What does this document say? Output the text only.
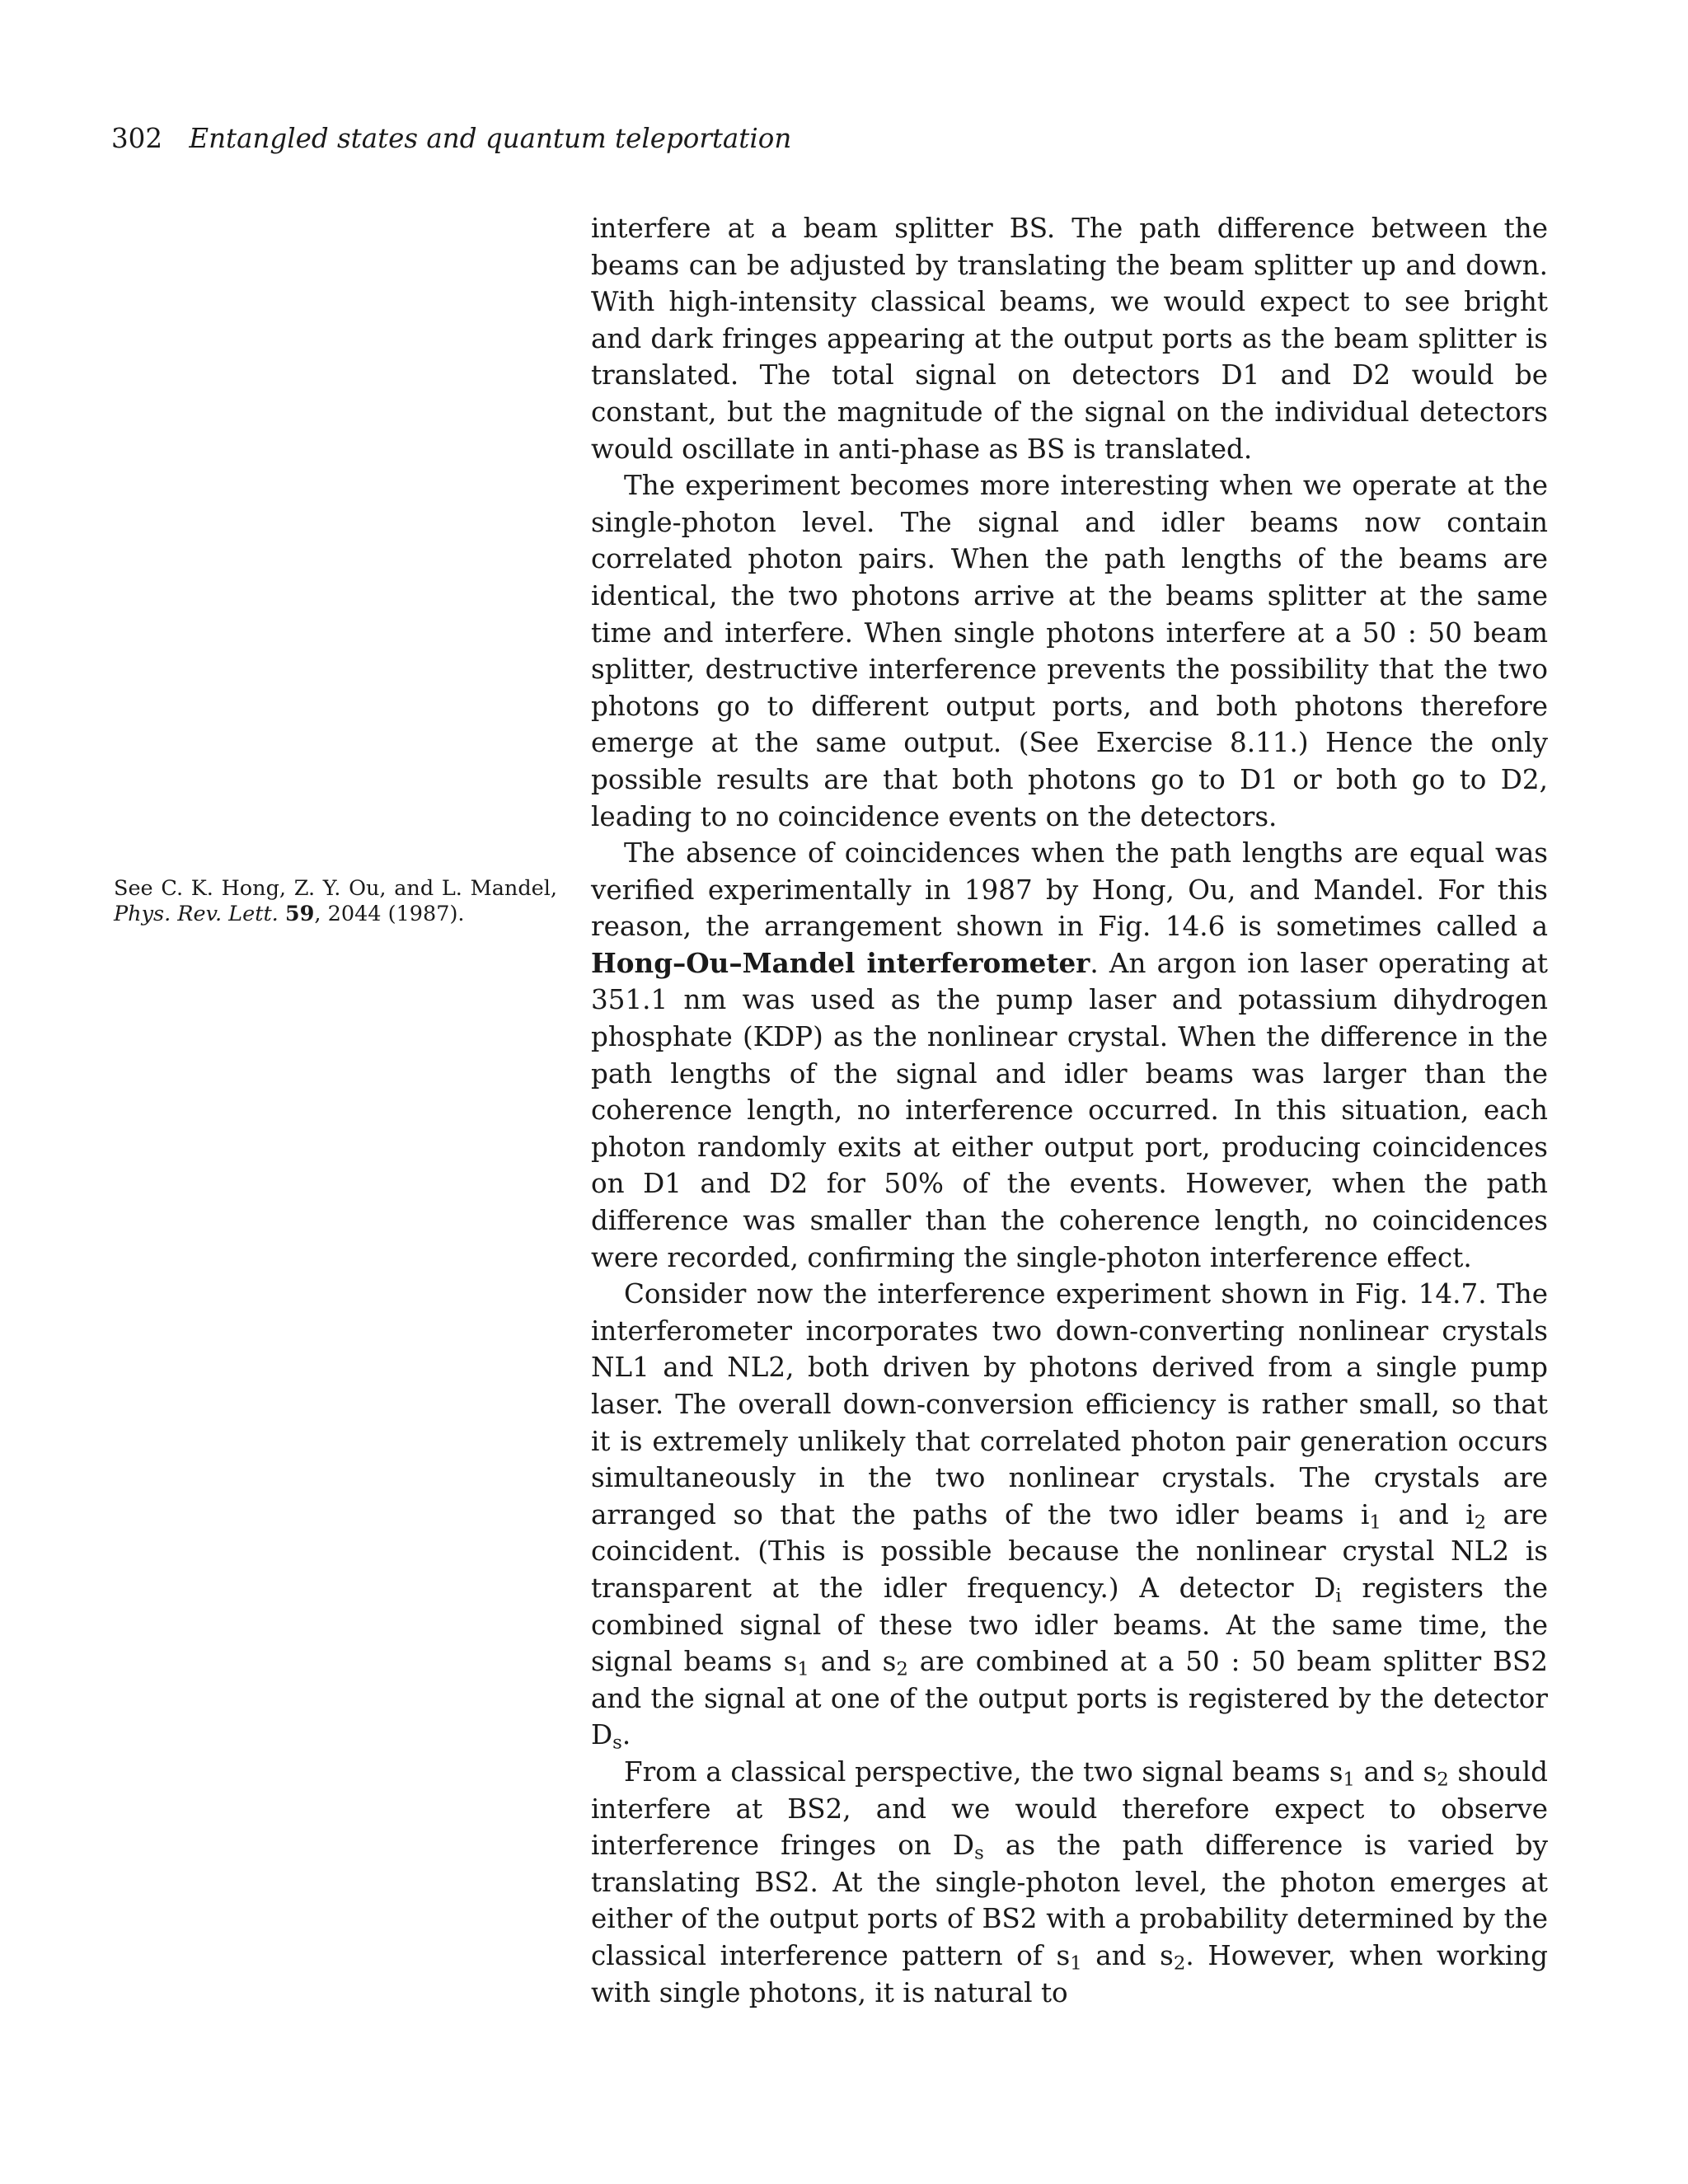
302 Entangled states and quantum teleportation
See C. K. Hong, Z. Y. Ou, and L. Mandel, Phys. Rev. Lett. 59, 2044 (1987).

interfere at a beam splitter BS. The path difference between the beams can be adjusted by translating the beam splitter up and down. With high-intensity classical beams, we would expect to see bright and dark fringes appearing at the output ports as the beam splitter is translated. The total signal on detectors D1 and D2 would be constant, but the magnitude of the signal on the individual detectors would oscillate in anti-phase as BS is translated.

The experiment becomes more interesting when we operate at the single-photon level. The signal and idler beams now contain correlated photon pairs. When the path lengths of the beams are identical, the two photons arrive at the beams splitter at the same time and interfere. When single photons interfere at a 50 : 50 beam splitter, destructive interference prevents the possibility that the two photons go to different output ports, and both photons therefore emerge at the same output. (See Exercise 8.11.) Hence the only possible results are that both photons go to D1 or both go to D2, leading to no coincidence events on the detectors.

The absence of coincidences when the path lengths are equal was verified experimentally in 1987 by Hong, Ou, and Mandel. For this reason, the arrangement shown in Fig. 14.6 is sometimes called a Hong–Ou–Mandel interferometer. An argon ion laser operating at 351.1 nm was used as the pump laser and potassium dihydrogen phosphate (KDP) as the nonlinear crystal. When the difference in the path lengths of the signal and idler beams was larger than the coherence length, no interference occurred. In this situation, each photon randomly exits at either output port, producing coincidences on D1 and D2 for 50% of the events. However, when the path difference was smaller than the coherence length, no coincidences were recorded, confirming the single-photon interference effect.

Consider now the interference experiment shown in Fig. 14.7. The interferometer incorporates two down-converting nonlinear crystals NL1 and NL2, both driven by photons derived from a single pump laser. The overall down-conversion efficiency is rather small, so that it is extremely unlikely that correlated photon pair generation occurs simultaneously in the two nonlinear crystals. The crystals are arranged so that the paths of the two idler beams $i_1$ and $i_2$ are coincident. (This is possible because the nonlinear crystal NL2 is transparent at the idler frequency.) A detector $D_i$ registers the combined signal of these two idler beams. At the same time, the signal beams $s_1$ and $s_2$ are combined at a 50 : 50 beam splitter BS2 and the signal at one of the output ports is registered by the detector $D_s$.

From a classical perspective, the two signal beams $s_1$ and $s_2$ should interfere at BS2, and we would therefore expect to observe interference fringes on $D_s$ as the path difference is varied by translating BS2. At the single-photon level, the photon emerges at either of the output ports of BS2 with a probability determined by the classical interference pattern of $s_1$ and $s_2$. However, when working with single photons, it is natural to
